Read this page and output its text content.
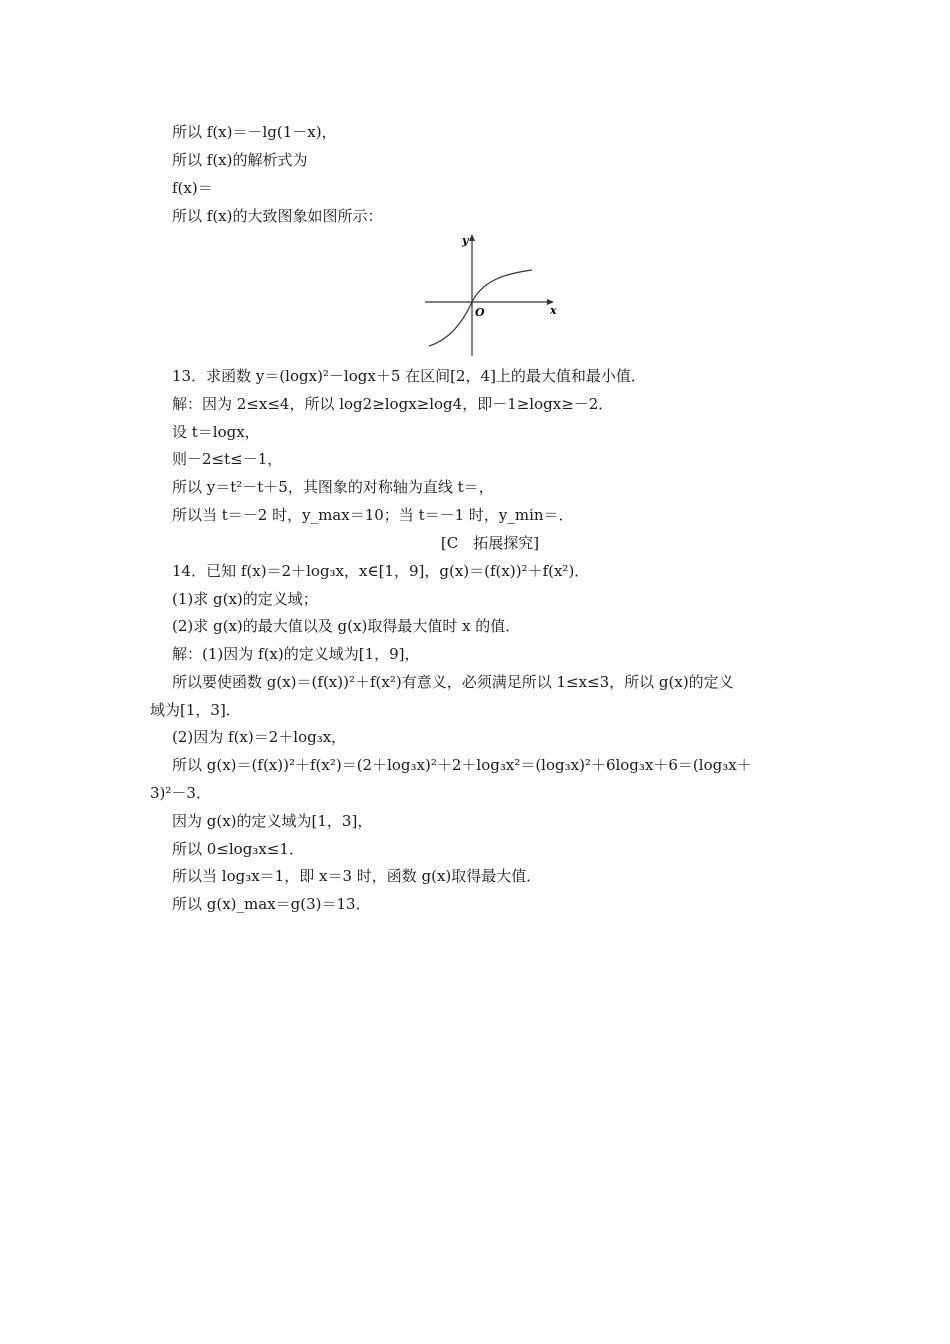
所以 f(x)＝－lg(1－x)，
所以 f(x)的解析式为
f(x)＝
所以 f(x)的大致图象如图所示：
y
x
O
13．求函数 y＝(logx)²－logx＋5 在区间[2，4]上的最大值和最小值．
解：因为 2≤x≤4，所以 log2≥logx≥log4，即－1≥logx≥－2．
设 t＝logx，
则－2≤t≤－1，
所以 y＝t²－t＋5，其图象的对称轴为直线 t＝，
所以当 t＝－2 时，y_max＝10；当 t＝－1 时，y_min＝．
[C　拓展探究]
14．已知 f(x)＝2＋log₃x，x∈[1，9]，g(x)＝(f(x))²＋f(x²)．
(1)求 g(x)的定义域；
(2)求 g(x)的最大值以及 g(x)取得最大值时 x 的值．
解：(1)因为 f(x)的定义域为[1，9]，
所以要使函数 g(x)＝(f(x))²＋f(x²)有意义，必须满足所以 1≤x≤3，所以 g(x)的定义
域为[1，3]．
(2)因为 f(x)＝2＋log₃x，
所以 g(x)＝(f(x))²＋f(x²)＝(2＋log₃x)²＋2＋log₃x²＝(log₃x)²＋6log₃x＋6＝(log₃x＋
3)²－3．
因为 g(x)的定义域为[1，3]，
所以 0≤log₃x≤1．
所以当 log₃x＝1，即 x＝3 时，函数 g(x)取得最大值．
所以 g(x)_max＝g(3)＝13．
